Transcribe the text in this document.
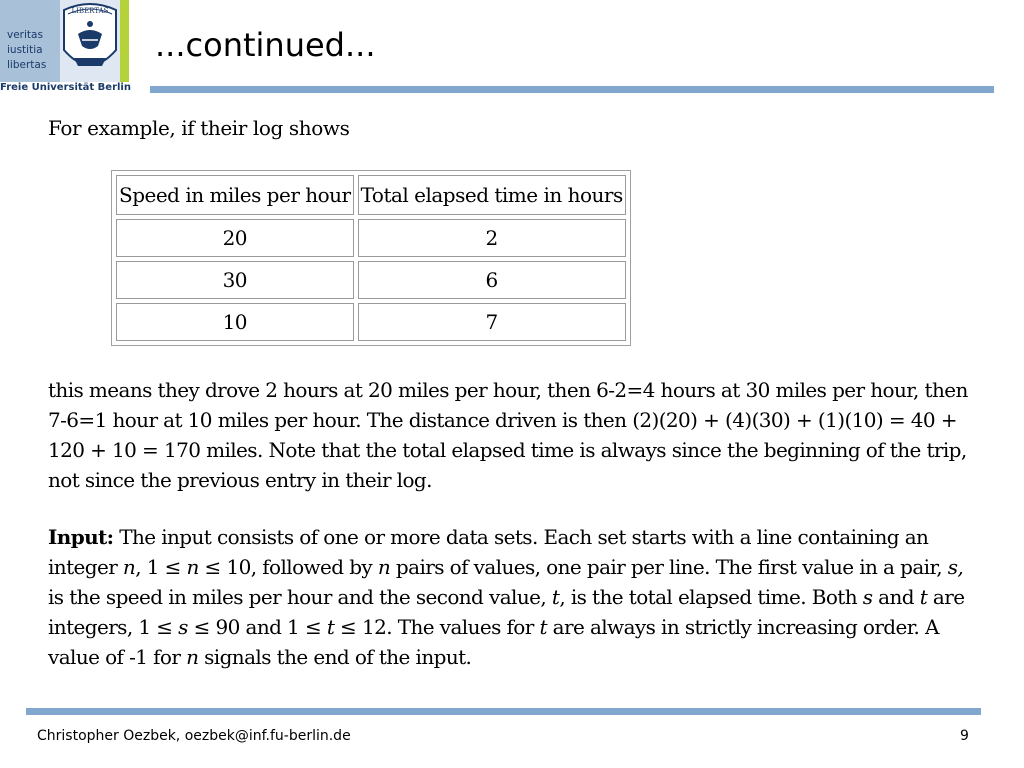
veritas
iustitia
libertas
LIBERTAS
Freie Universität Berlin
...continued...
For example, if their log shows
Speed in miles per hour	Total elapsed time in hours
20	2
30	6
10	7
this means they drove 2 hours at 20 miles per hour, then 6-2=4 hours at 30 miles per hour, then 7-6=1 hour at 10 miles per hour. The distance driven is then (2)(20) + (4)(30) + (1)(10) = 40 + 120 + 10 = 170 miles. Note that the total elapsed time is always since the beginning of the trip, not since the previous entry in their log.
Input: The input consists of one or more data sets. Each set starts with a line containing an integer n, 1 ≤ n ≤ 10, followed by n pairs of values, one pair per line. The first value in a pair, s, is the speed in miles per hour and the second value, t, is the total elapsed time. Both s and t are integers, 1 ≤ s ≤ 90 and 1 ≤ t ≤ 12. The values for t are always in strictly increasing order. A value of -1 for n signals the end of the input.
Christopher Oezbek, oezbek@inf.fu-berlin.de	9
